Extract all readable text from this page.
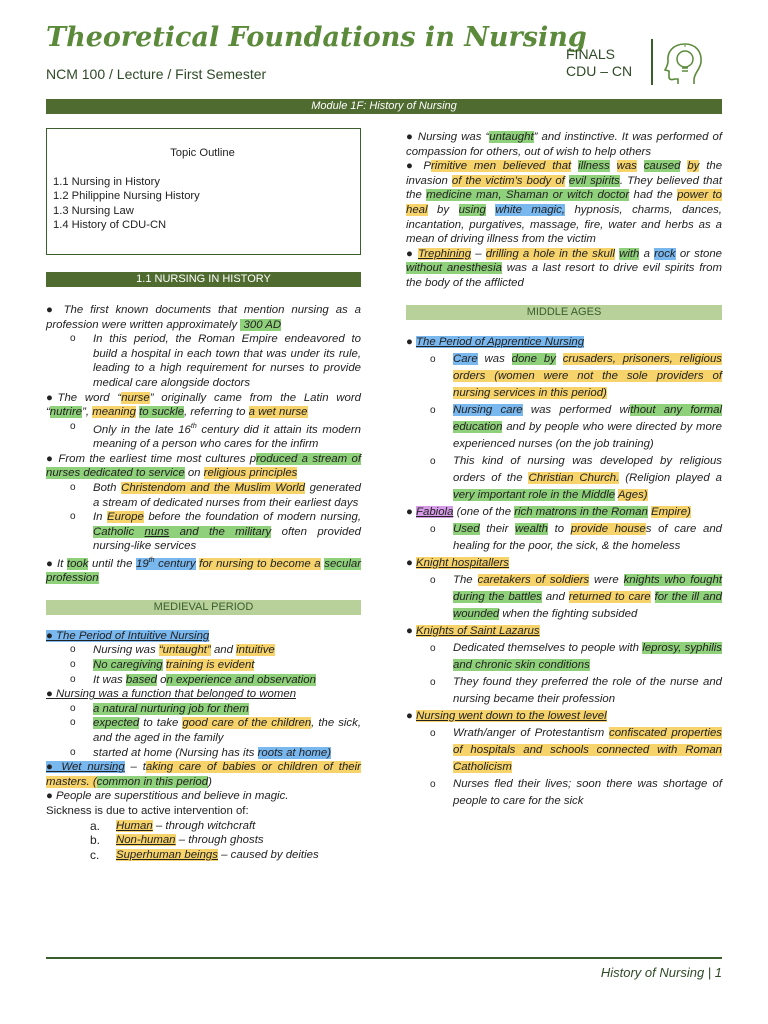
Theoretical Foundations in Nursing
NCM 100 / Lecture / First Semester
FINALS
CDU – CN
Module 1F: History of Nursing
Topic Outline
1.1 Nursing in History
1.2 Philippine Nursing History
1.3 Nursing Law
1.4 History of CDU-CN
1.1 NURSING IN HISTORY
● The first known documents that mention nursing as a profession were written approximately  300 AD
o In this period, the Roman Empire endeavored to build a hospital in each town that was under its rule, leading to a high requirement for nurses to provide medical care alongside doctors
●The word “nurse” originally came from the Latin word “nutrire”, meaning to suckle, referring to a wet nurse
o Only in the late 16th century did it attain its modern meaning of a person who cares for the infirm
● From the earliest time most cultures produced a stream of nurses dedicated to service on religious principles
o Both Christendom and the Muslim World generated a stream of dedicated nurses from their earliest days
o In Europe before the foundation of modern nursing, Catholic nuns and the military often provided nursing-like services
● It took until the 19th century for nursing to become a secular profession
MEDIEVAL PERIOD
● The Period of Intuitive Nursing
o Nursing was “untaught” and intuitive
o No caregiving training is evident
o It was based on experience and observation
● Nursing was a function that belonged to women
o a natural nurturing job for them
o expected to take good care of the children, the sick, and the aged in the family
o started at home (Nursing has its roots at home)
● Wet nursing – taking care of babies or children of their masters. (common in this period)
● People are superstitious and believe in magic.
Sickness is due to active intervention of:
a. Human – through witchcraft
b. Non-human – through ghosts
c. Superhuman beings – caused by deities
● Nursing was “untaught” and instinctive. It was performed of compassion for others, out of wish to help others
● Primitive men believed that illness was caused by the invasion of the victim’s body of evil spirits. They believed that the medicine man, Shaman or witch doctor had the power to heal by using white magic, hypnosis, charms, dances, incantation, purgatives, massage, fire, water and herbs as a mean of driving illness from the victim
● Trephining – drilling a hole in the skull with a rock or stone without anesthesia was a last resort to drive evil spirits from the body of the afflicted
MIDDLE AGES
● The Period of Apprentice Nursing
o Care was done by crusaders, prisoners, religious orders (women were not the sole providers of nursing services in this period)
o Nursing care was performed without any formal education and by people who were directed by more experienced nurses (on the job training)
o This kind of nursing was developed by religious orders of the Christian Church. (Religion played a very important role in the Middle Ages)
● Fabiola (one of the rich matrons in the Roman Empire)
o Used their wealth to provide houses of care and healing for the poor, the sick, & the homeless
● Knight hospitallers
o The caretakers of soldiers were knights who fought during the battles and returned to care for the ill and wounded when the fighting subsided
● Knights of Saint Lazarus
o Dedicated themselves to people with leprosy, syphilis and chronic skin conditions
o They found they preferred the role of the nurse and nursing became their profession
● Nursing went down to the lowest level
o Wrath/anger of Protestantism confiscated properties of hospitals and schools connected with Roman Catholicism
o Nurses fled their lives; soon there was shortage of people to care for the sick
History of Nursing | 1
